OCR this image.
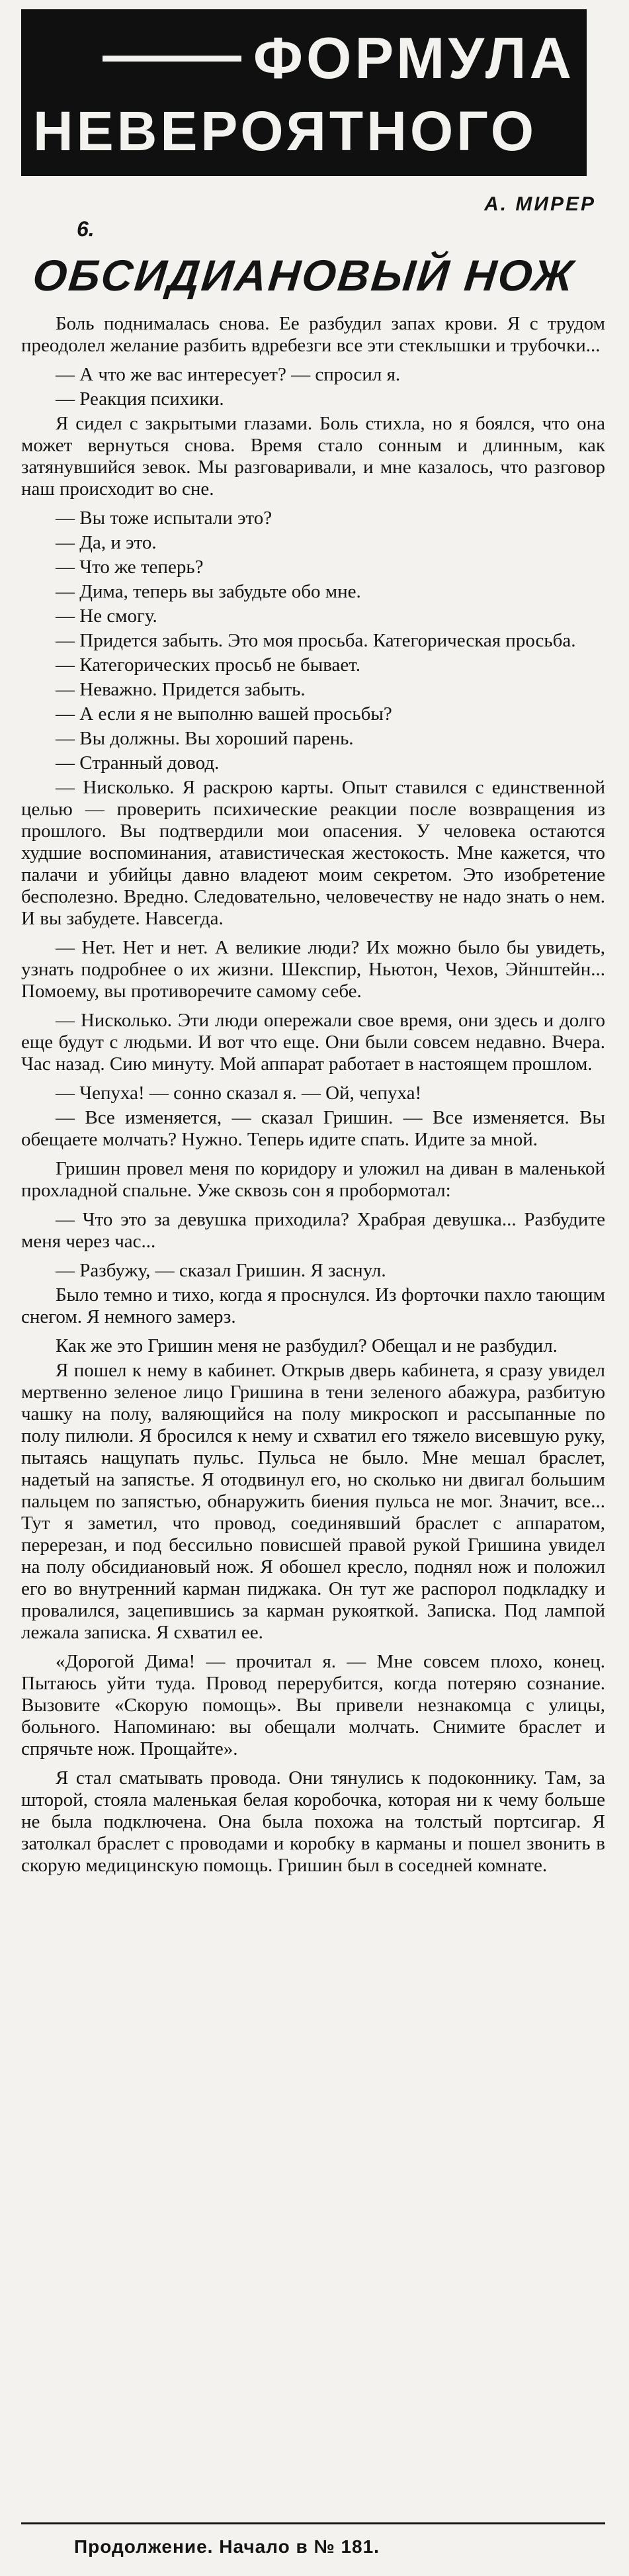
ФОРМУЛА
НЕВЕРОЯТНОГО
А. МИРЕР
6.
ОБСИДИАНОВЫЙ НОЖ

Боль поднималась снова. Ее разбудил запах крови. Я с трудом преодолел желание разбить вдребезги все эти стеклышки и трубочки...

— А что же вас интересует? — спросил я.

— Реакция психики.

Я сидел с закрытыми глазами. Боль стихла, но я боялся, что она может вернуться снова. Время стало сонным и длинным, как затянувшийся зевок. Мы разговаривали, и мне казалось, что разговор наш происходит во сне.

— Вы тоже испытали это?

— Да, и это.

— Что же теперь?

— Дима, теперь вы забудьте обо мне.

— Не смогу.

— Придется забыть. Это моя просьба. Категорическая просьба.

— Категорических просьб не бывает.

— Неважно. Придется забыть.

— А если я не выполню вашей просьбы?

— Вы должны. Вы хороший парень.

— Странный довод.

— Нисколько. Я раскрою карты. Опыт ставился с единственной целью — проверить психические реакции после возвращения из прошлого. Вы подтвердили мои опасения. У человека остаются худшие воспоминания, атавистическая жестокость. Мне кажется, что палачи и убийцы давно владеют моим секретом. Это изобретение бесполезно. Вредно. Следовательно, человечеству не надо знать о нем. И вы забудете. Навсегда.

— Нет. Нет и нет. А великие люди? Их можно было бы увидеть, узнать подробнее о их жизни. Шекспир, Ньютон, Чехов, Эйнштейн... Помоему, вы противоречите самому себе.

— Нисколько. Эти люди опережали свое время, они здесь и долго еще будут с людьми. И вот что еще. Они были совсем недавно. Вчера. Час назад. Сию минуту. Мой аппарат работает в настоящем прошлом.

— Чепуха! — сонно сказал я. — Ой, чепуха!

— Все изменяется, — сказал Гришин. — Все изменяется. Вы обещаете молчать? Нужно. Теперь идите спать. Идите за мной.

Гришин провел меня по коридору и уложил на диван в маленькой прохладной спальне. Уже сквозь сон я пробормотал:

— Что это за девушка приходила? Храбрая девушка... Разбудите меня через час...

— Разбужу, — сказал Гришин. Я заснул.

Было темно и тихо, когда я проснулся. Из форточки пахло тающим снегом. Я немного замерз.

Как же это Гришин меня не разбудил? Обещал и не разбудил.

Я пошел к нему в кабинет. Открыв дверь кабинета, я сразу увидел мертвенно зеленое лицо Гришина в тени зеленого абажура, разбитую чашку на полу, валяющийся на полу микроскоп и рассыпанные по полу пилюли. Я бросился к нему и схватил его тяжело висевшую руку, пытаясь нащупать пульс. Пульса не было. Мне мешал браслет, надетый на запястье. Я отодвинул его, но сколько ни двигал большим пальцем по запястью, обнаружить биения пульса не мог. Значит, все... Тут я заметил, что провод, соединявший браслет с аппаратом, перерезан, и под бессильно повисшей правой рукой Гришина увидел на полу обсидиановый нож. Я обошел кресло, поднял нож и положил его во внутренний карман пиджака. Он тут же распорол подкладку и провалился, зацепившись за карман рукояткой. Записка. Под лампой лежала записка. Я схватил ее.

«Дорогой Дима! — прочитал я. — Мне совсем плохо, конец. Пытаюсь уйти туда. Провод перерубится, когда потеряю сознание. Вызовите «Скорую помощь». Вы привели незнакомца с улицы, больного. Напоминаю: вы обещали молчать. Снимите браслет и спрячьте нож. Прощайте».

Я стал сматывать провода. Они тянулись к подоконнику. Там, за шторой, стояла маленькая белая коробочка, которая ни к чему больше не была подключена. Она была похожа на толстый портсигар. Я затолкал браслет с проводами и коробку в карманы и пошел звонить в скорую медицинскую помощь. Гришин был в соседней комнате.

Продолжение. Начало в № 181.
